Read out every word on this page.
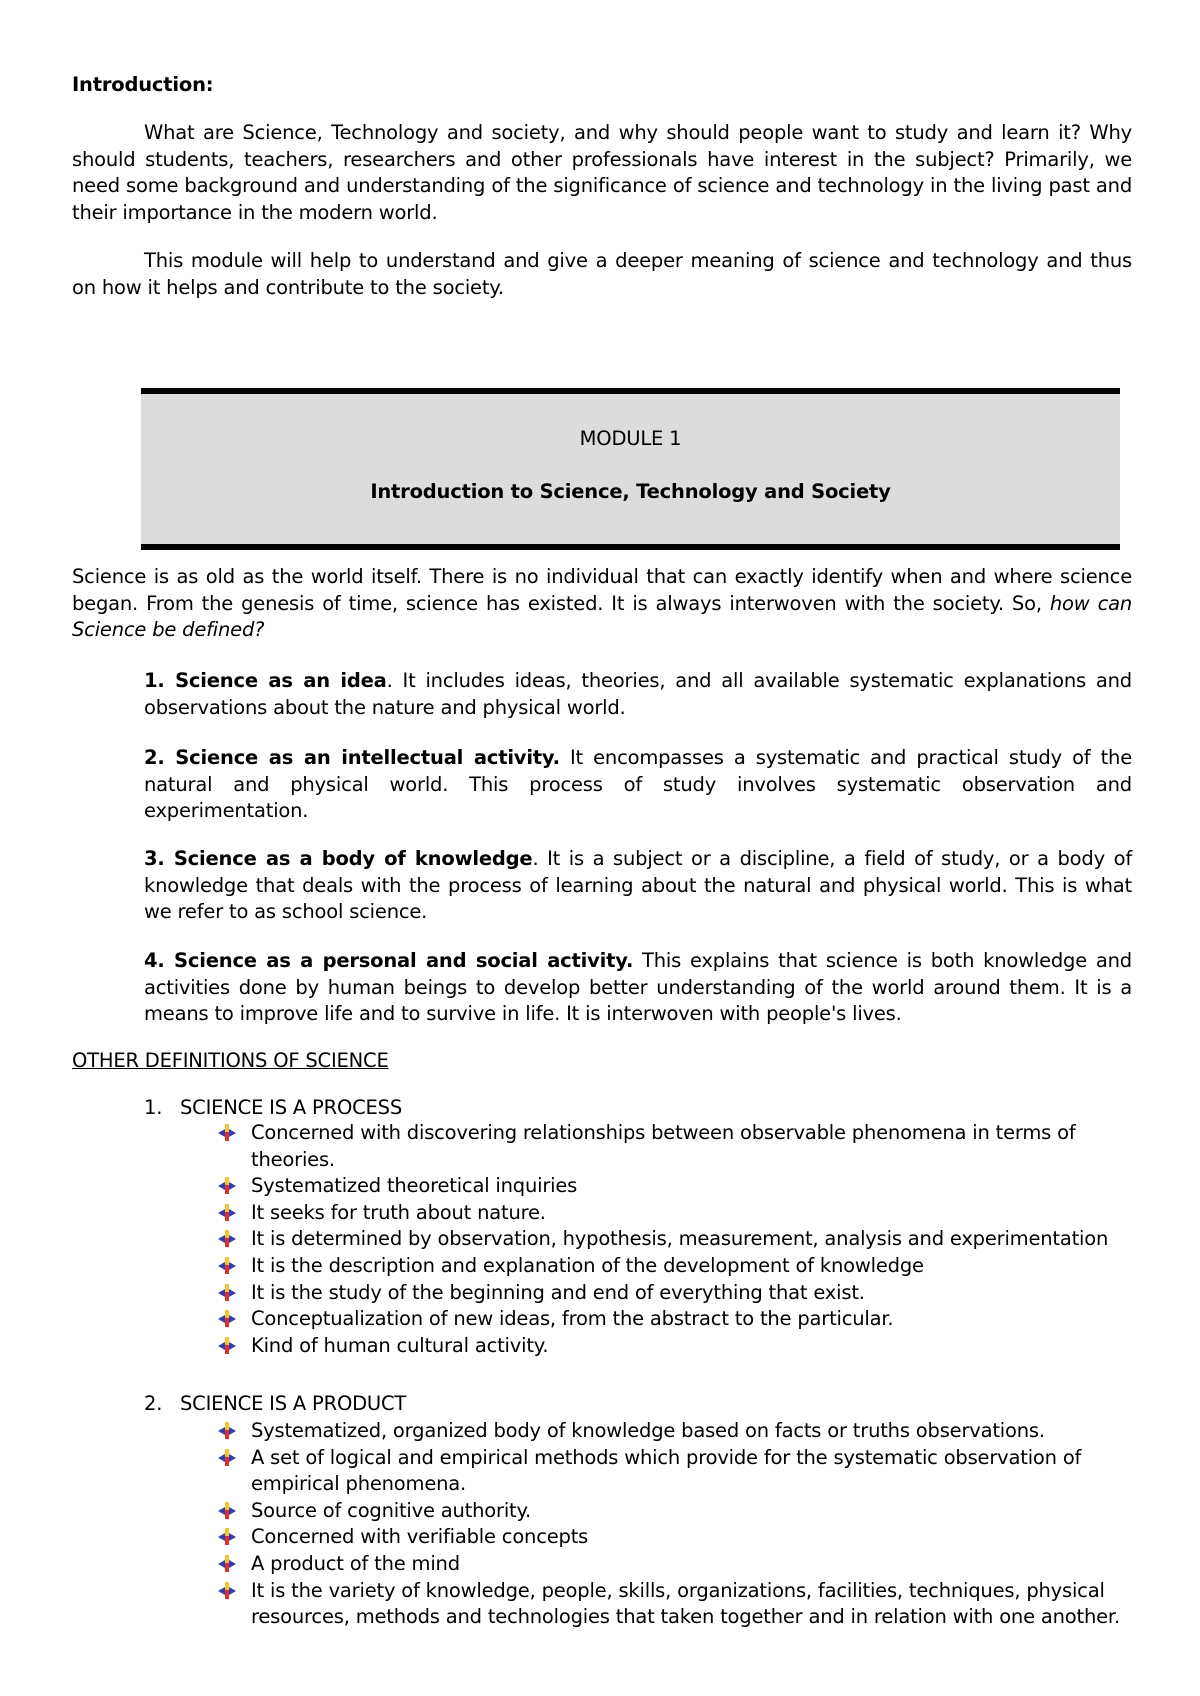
Introduction:

What are Science, Technology and society, and why should people want to study and learn it? Why should students, teachers, researchers and other professionals have interest in the subject? Primarily, we need some background and understanding of the significance of science and technology in the living past and their importance in the modern world.

This module will help to understand and give a deeper meaning of science and technology and thus on how it helps and contribute to the society.

MODULE 1
Introduction to Science, Technology and Society

Science is as old as the world itself. There is no individual that can exactly identify when and where science began. From the genesis of time, science has existed. It is always interwoven with the society. So, how can Science be defined?

1. Science as an idea. It includes ideas, theories, and all available systematic explanations and observations about the nature and physical world.

2. Science as an intellectual activity. It encompasses a systematic and practical study of the natural and physical world. This process of study involves systematic observation and experimentation.

3. Science as a body of knowledge. It is a subject or a discipline, a field of study, or a body of knowledge that deals with the process of learning about the natural and physical world. This is what we refer to as school science.

4. Science as a personal and social activity. This explains that science is both knowledge and activities done by human beings to develop better understanding of the world around them. It is a means to improve life and to survive in life. It is interwoven with people's lives.

OTHER DEFINITIONS OF SCIENCE
1. SCIENCE IS A PROCESS
Concerned with discovering relationships between observable phenomena in terms of theories.
Systematized theoretical inquiries
It seeks for truth about nature.
It is determined by observation, hypothesis, measurement, analysis and experimentation
It is the description and explanation of the development of knowledge
It is the study of the beginning and end of everything that exist.
Conceptualization of new ideas, from the abstract to the particular.
Kind of human cultural activity.
2. SCIENCE IS A PRODUCT
Systematized, organized body of knowledge based on facts or truths observations.
A set of logical and empirical methods which provide for the systematic observation of empirical phenomena.
Source of cognitive authority.
Concerned with verifiable concepts
A product of the mind
It is the variety of knowledge, people, skills, organizations, facilities, techniques, physical resources, methods and technologies that taken together and in relation with one another.
